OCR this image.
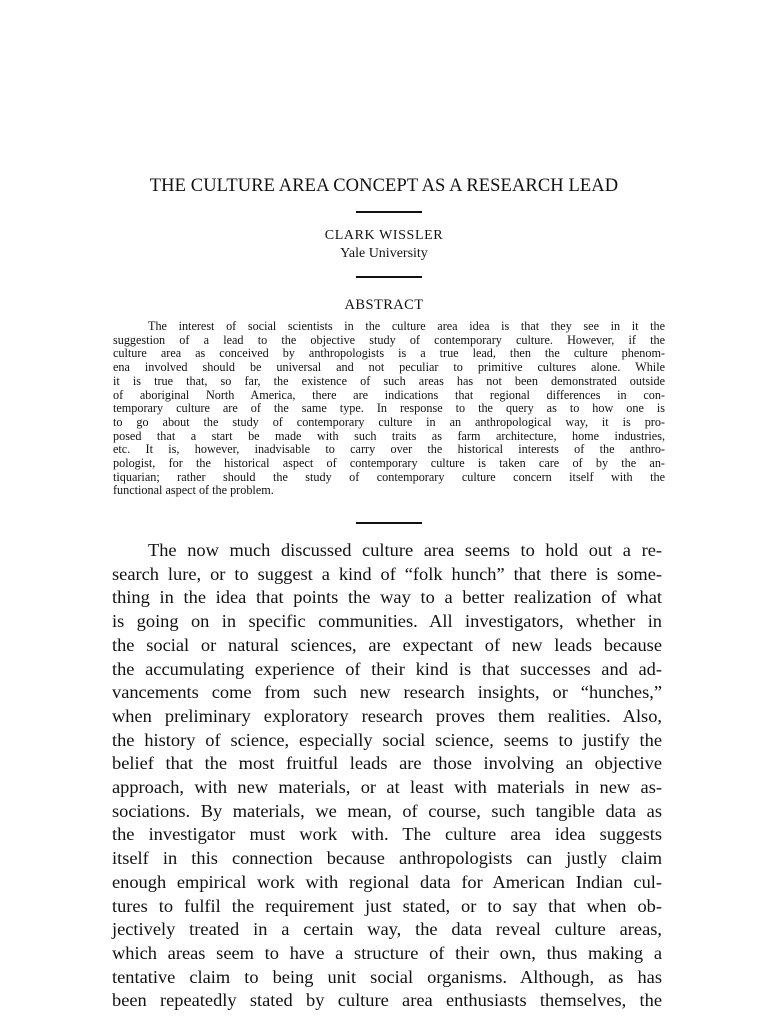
THE CULTURE AREA CONCEPT AS A RESEARCH LEAD
CLARK WISSLER
Yale University
ABSTRACT
The interest of social scientists in the culture area idea is that they see in it the
suggestion of a lead to the objective study of contemporary culture. However, if the
culture area as conceived by anthropologists is a true lead, then the culture phenom-
ena involved should be universal and not peculiar to primitive cultures alone. While
it is true that, so far, the existence of such areas has not been demonstrated outside
of aboriginal North America, there are indications that regional differences in con-
temporary culture are of the same type. In response to the query as to how one is
to go about the study of contemporary culture in an anthropological way, it is pro-
posed that a start be made with such traits as farm architecture, home industries,
etc. It is, however, inadvisable to carry over the historical interests of the anthro-
pologist, for the historical aspect of contemporary culture is taken care of by the an-
tiquarian; rather should the study of contemporary culture concern itself with the
functional aspect of the problem.
The now much discussed culture area seems to hold out a re-
search lure, or to suggest a kind of “folk hunch” that there is some-
thing in the idea that points the way to a better realization of what
is going on in specific communities. All investigators, whether in
the social or natural sciences, are expectant of new leads because
the accumulating experience of their kind is that successes and ad-
vancements come from such new research insights, or “hunches,”
when preliminary exploratory research proves them realities. Also,
the history of science, especially social science, seems to justify the
belief that the most fruitful leads are those involving an objective
approach, with new materials, or at least with materials in new as-
sociations. By materials, we mean, of course, such tangible data as
the investigator must work with. The culture area idea suggests
itself in this connection because anthropologists can justly claim
enough empirical work with regional data for American Indian cul-
tures to fulfil the requirement just stated, or to say that when ob-
jectively treated in a certain way, the data reveal culture areas,
which areas seem to have a structure of their own, thus making a
tentative claim to being unit social organisms. Although, as has
been repeatedly stated by culture area enthusiasts themselves, the
